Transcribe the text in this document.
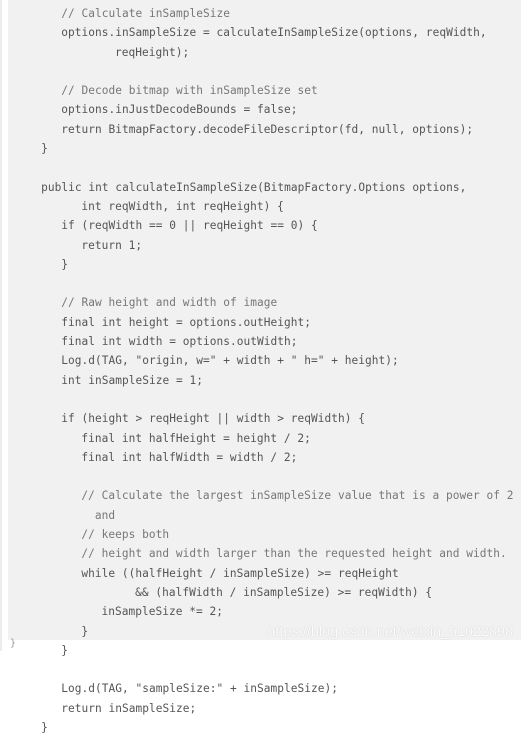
// Calculate inSampleSize
options.inSampleSize = calculateInSampleSize(options, reqWidth,
reqHeight);
// Decode bitmap with inSampleSize set
options.inJustDecodeBounds = false;
return BitmapFactory.decodeFileDescriptor(fd, null, options);
}
public int calculateInSampleSize(BitmapFactory.Options options,
int reqWidth, int reqHeight) {
if (reqWidth == 0 || reqHeight == 0) {
return 1;
}
// Raw height and width of image
final int height = options.outHeight;
final int width = options.outWidth;
Log.d(TAG, "origin, w=" + width + " h=" + height);
int inSampleSize = 1;
if (height > reqHeight || width > reqWidth) {
final int halfHeight = height / 2;
final int halfWidth = width / 2;
// Calculate the largest inSampleSize value that is a power of 2
and
// keeps both
// height and width larger than the requested height and width.
while ((halfHeight / inSampleSize) >= reqHeight
&& (halfWidth / inSampleSize) >= reqWidth) {
inSampleSize *= 2;
}
}
Log.d(TAG, "sampleSize:" + inSampleSize);
return inSampleSize;
}
}
https://blog.csdn.net/weixin_51022898
